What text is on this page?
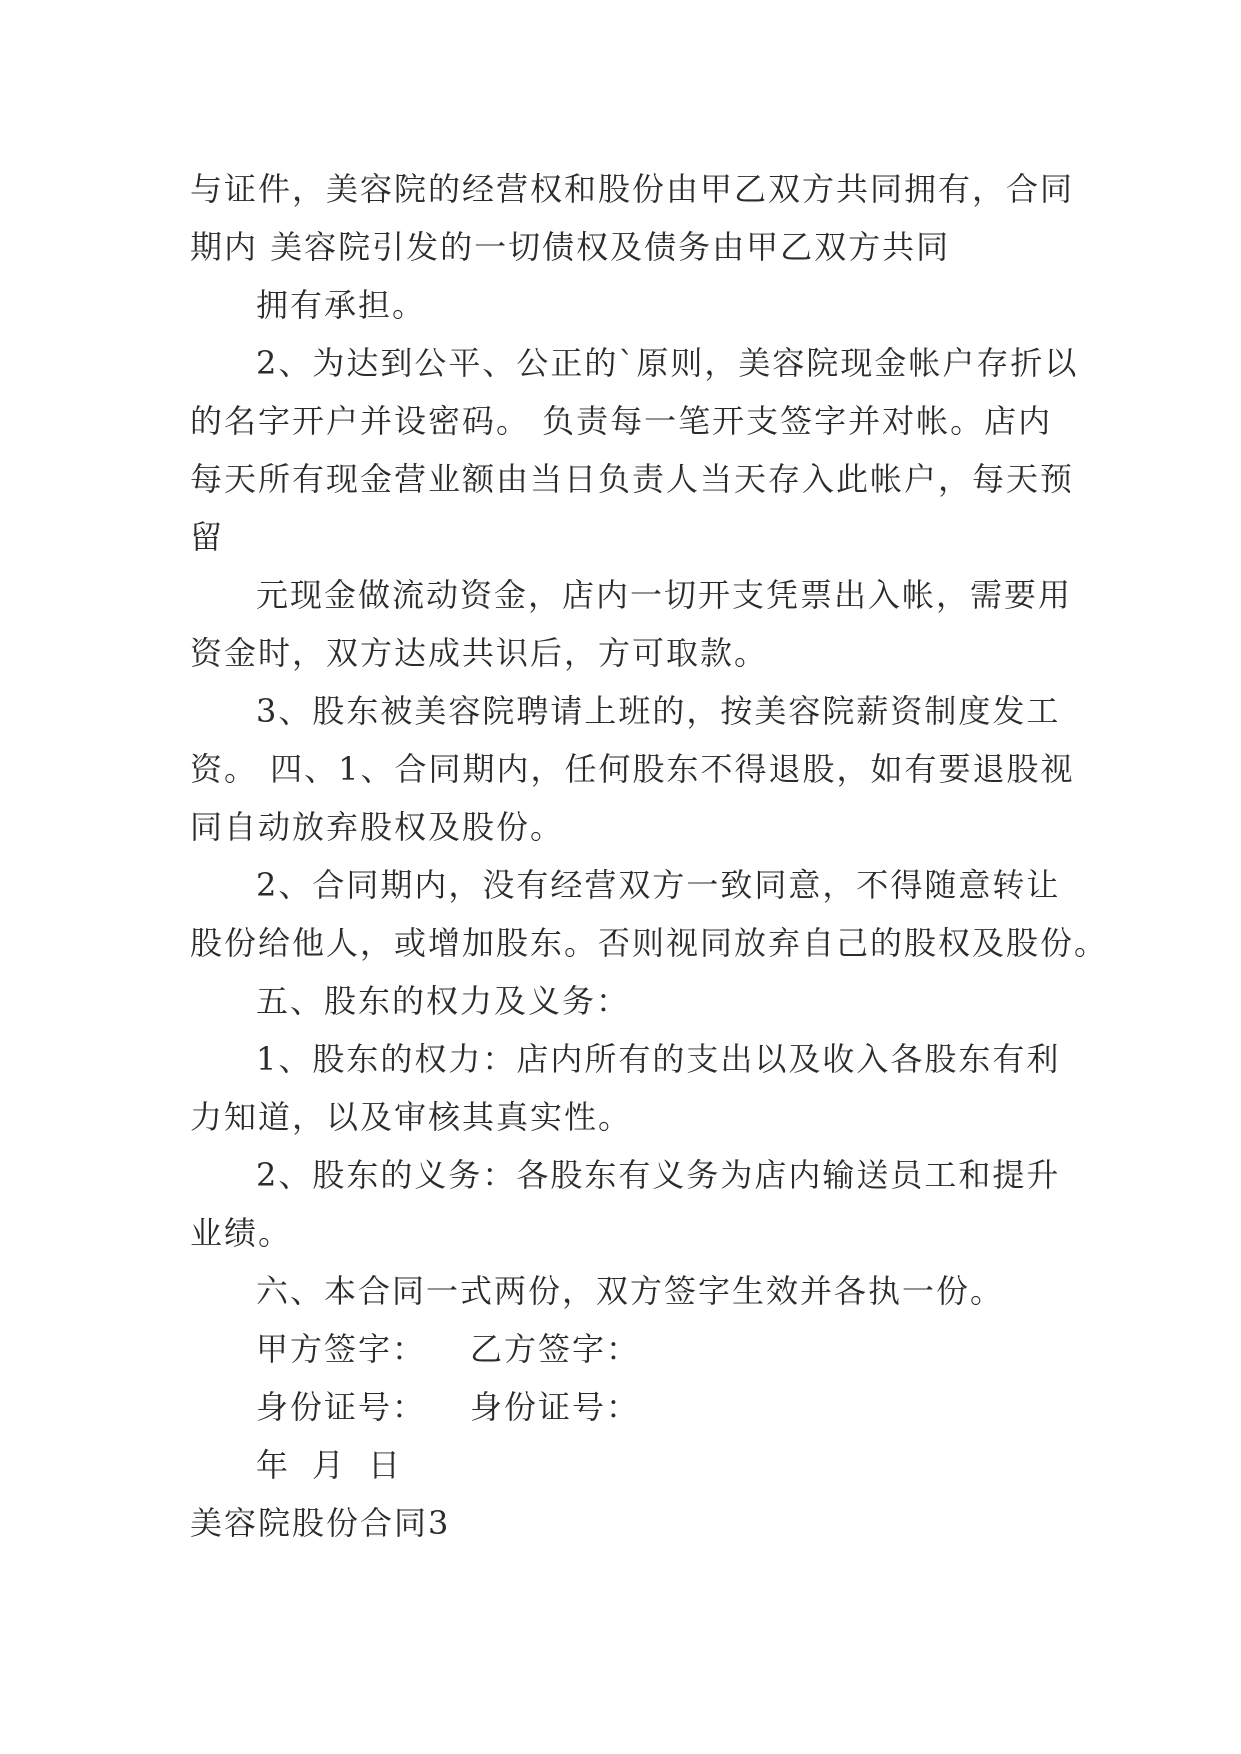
与证件，美容院的经营权和股份由甲乙双方共同拥有，合同
期内 美容院引发的一切债权及债务由甲乙双方共同
拥有承担。
2、为达到公平、公正的`原则，美容院现金帐户存折以
的名字开户并设密码。 负责每一笔开支签字并对帐。店内
每天所有现金营业额由当日负责人当天存入此帐户，每天预
留
元现金做流动资金，店内一切开支凭票出入帐，需要用
资金时，双方达成共识后，方可取款。
3、股东被美容院聘请上班的，按美容院薪资制度发工
资。 四、1、合同期内，任何股东不得退股，如有要退股视
同自动放弃股权及股份。
2、合同期内，没有经营双方一致同意，不得随意转让
股份给他人，或增加股东。否则视同放弃自己的股权及股份。
五、股东的权力及义务：
1、股东的权力：店内所有的支出以及收入各股东有利
力知道，以及审核其真实性。
2、股东的义务：各股东有义务为店内输送员工和提升
业绩。
六、本合同一式两份，双方签字生效并各执一份。
甲方签字： 乙方签字：
身份证号： 身份证号：
年 月 日
美容院股份合同3
